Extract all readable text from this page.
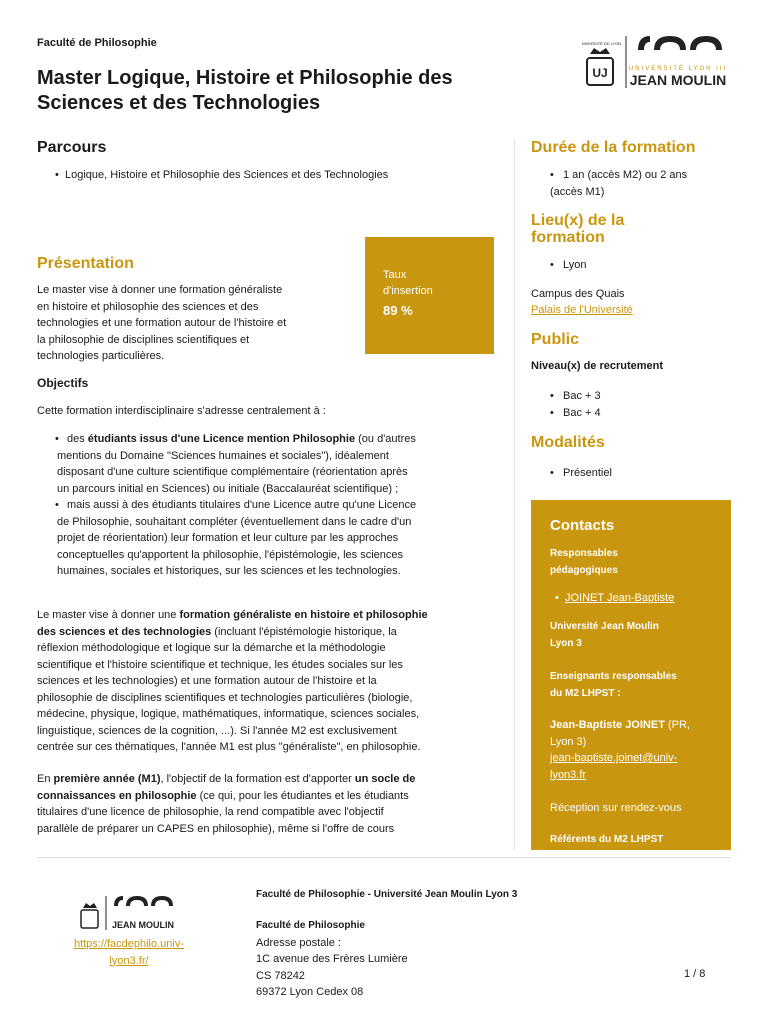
Faculté de Philosophie
Master Logique, Histoire et Philosophie des
Sciences et des Technologies
UJ
UNIVERSITÉ DE LYON
UNIVERSITÉ LYON III
JEAN MOULIN
Parcours
• Logique, Histoire et Philosophie des Sciences et des Technologies
Présentation
Le master vise à donner une formation généraliste
en histoire et philosophie des sciences et des
technologies et une formation autour de l'histoire et
la philosophie de disciplines scientifiques et
technologies particulières.
Taux
d'insertion
89 %
Objectifs
Cette formation interdisciplinaire s'adresse centralement à :
• des étudiants issus d'une Licence mention Philosophie (ou d'autres
mentions du Domaine "Sciences humaines et sociales"), idéalement
disposant d'une culture scientifique complémentaire (réorientation après
un parcours initial en Sciences) ou initiale (Baccalauréat scientifique) ;
• mais aussi à des étudiants titulaires d'une Licence autre qu'une Licence
de Philosophie, souhaitant compléter (éventuellement dans le cadre d'un
projet de réorientation) leur formation et leur culture par les approches
conceptuelles qu'apportent la philosophie, l'épistémologie, les sciences
humaines, sociales et historiques, sur les sciences et les technologies.
Le master vise à donner une formation généraliste en histoire et philosophie
des sciences et des technologies (incluant l'épistémologie historique, la
réflexion méthodologique et logique sur la démarche et la méthodologie
scientifique et l'histoire scientifique et technique, les études sociales sur les
sciences et les technologies) et une formation autour de l'histoire et la
philosophie de disciplines scientifiques et technologies particulières (biologie,
médecine, physique, logique, mathématiques, informatique, sciences sociales,
linguistique, sciences de la cognition, ...). Si l'année M2 est exclusivement
centrée sur ces thématiques, l'année M1 est plus "généraliste", en philosophie.
En première année (M1), l'objectif de la formation est d'apporter un socle de
connaissances en philosophie (ce qui, pour les étudiantes et les étudiants
titulaires d'une licence de philosophie, la rend compatible avec l'objectif
parallèle de préparer un CAPES en philosophie), même si l'offre de cours
Durée de la formation
• 1 an (accès M2) ou 2 ans
(accès M1)
Lieu(x) de la
formation
• Lyon
Campus des Quais
Palais de l'Université
Public
Niveau(x) de recrutement
• Bac + 3
• Bac + 4
Modalités
• Présentiel
Contacts
Responsables
pédagogiques
• JOINET Jean-Baptiste
Université Jean Moulin
Lyon 3
Enseignants responsables
du M2 LHPST :
Jean-Baptiste JOINET (PR,
Lyon 3)
jean-baptiste.joinet@univ-
lyon3.fr
Réception sur rendez-vous
Référents du M2 LHPST
JEAN MOULIN
https://facdephilo.univ-
lyon3.fr/
Faculté de Philosophie - Université Jean Moulin Lyon 3
Faculté de Philosophie
Adresse postale :
1C avenue des Frères Lumière
CS 78242
69372 Lyon Cedex 08
1 / 8
